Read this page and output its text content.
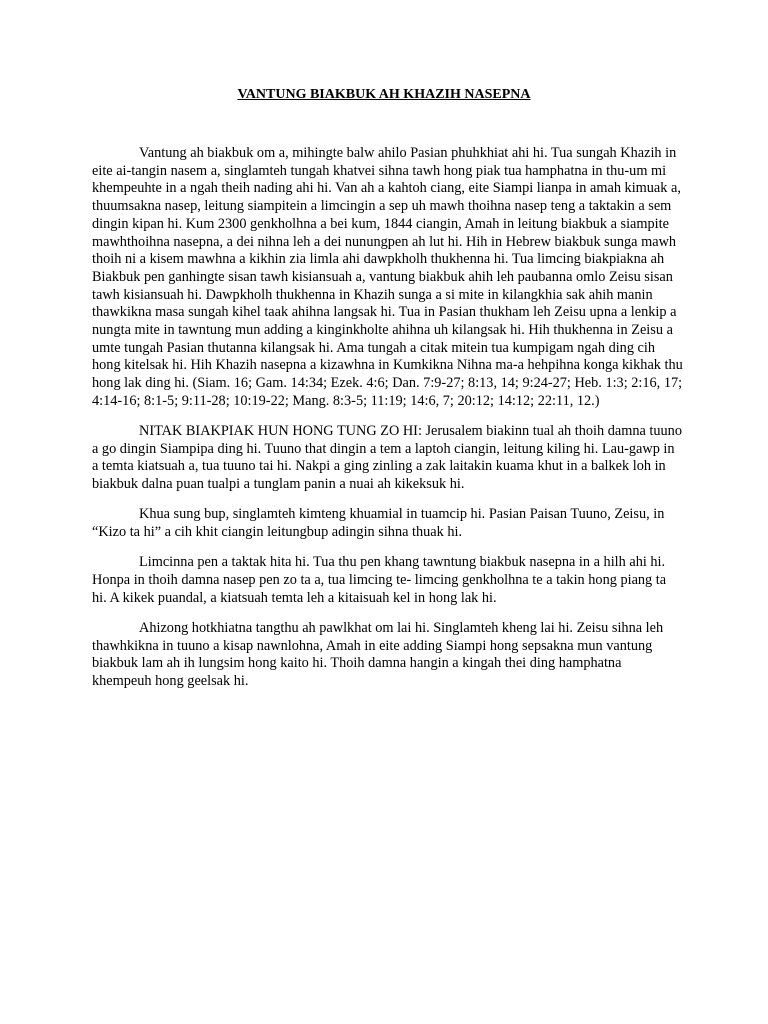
VANTUNG BIAKBUK AH KHAZIH NASEPNA

Vantung ah biakbuk om a, mihingte balw ahilo Pasian phuhkhiat ahi hi. Tua sungah Khazih in eite ai-tangin nasem a, singlamteh tungah khatvei sihna tawh hong piak tua hamphatna in thu-um mi khempeuhte in a ngah theih nading ahi hi. Van ah a kahtoh ciang, eite Siampi lianpa in amah kimuak a, thuumsakna nasep, leitung siampitein a limcingin a sep uh mawh thoihna nasep teng a taktakin a sem dingin kipan hi. Kum 2300 genkholhna a bei kum, 1844 ciangin, Amah in leitung biakbuk a siampite mawhthoihna nasepna, a dei nihna leh a dei nunungpen ah lut hi. Hih in Hebrew biakbuk sunga mawh thoih ni a kisem mawhna a kikhin zia limla ahi dawpkholh thukhenna hi. Tua limcing biakpiakna ah Biakbuk pen ganhingte sisan tawh kisiansuah a, vantung biakbuk ahih leh paubanna omlo Zeisu sisan tawh kisiansuah hi. Dawpkholh thukhenna in Khazih sunga a si mite in kilangkhia sak ahih manin thawkikna masa sungah kihel taak ahihna langsak hi. Tua in Pasian thukham leh Zeisu upna a lenkip a nungta mite in tawntung mun adding a kinginkholte ahihna uh kilangsak hi. Hih thukhenna in Zeisu a umte tungah Pasian thutanna kilangsak hi. Ama tungah a citak mitein tua kumpigam ngah ding cih hong kitelsak hi. Hih Khazih nasepna a kizawhna in Kumkikna Nihna ma-a hehpihna konga kikhak thu hong lak ding hi. (Siam. 16; Gam. 14:34; Ezek. 4:6; Dan. 7:9-27; 8:13, 14; 9:24-27; Heb. 1:3; 2:16, 17; 4:14-16; 8:1-5; 9:11-28; 10:19-22; Mang. 8:3-5; 11:19; 14:6, 7; 20:12; 14:12; 22:11, 12.)

NITAK BIAKPIAK HUN HONG TUNG ZO HI: Jerusalem biakinn tual ah thoih damna tuuno a go dingin Siampipa ding hi. Tuuno that dingin a tem a laptoh ciangin, leitung kiling hi. Lau-gawp in a temta kiatsuah a, tua tuuno tai hi. Nakpi a ging zinling a zak laitakin kuama khut in a balkek loh in biakbuk dalna puan tualpi a tunglam panin a nuai ah kikeksuk hi.

Khua sung bup, singlamteh kimteng khuamial in tuamcip hi. Pasian Paisan Tuuno, Zeisu, in “Kizo ta hi” a cih khit ciangin leitungbup adingin sihna thuak hi.

Limcinna pen a taktak hita hi. Tua thu pen khang tawntung biakbuk nasepna in a hilh ahi hi. Honpa in thoih damna nasep pen zo ta a, tua limcing te- limcing genkholhna te a takin hong piang ta hi. A kikek puandal, a kiatsuah temta leh a kitaisuah kel in hong lak hi.

Ahizong hotkhiatna tangthu ah pawlkhat om lai hi. Singlamteh kheng lai hi. Zeisu sihna leh thawhkikna in tuuno a kisap nawnlohna, Amah in eite adding Siampi hong sepsakna mun vantung biakbuk lam ah ih lungsim hong kaito hi. Thoih damna hangin a kingah thei ding hamphatna khempeuh hong geelsak hi.
